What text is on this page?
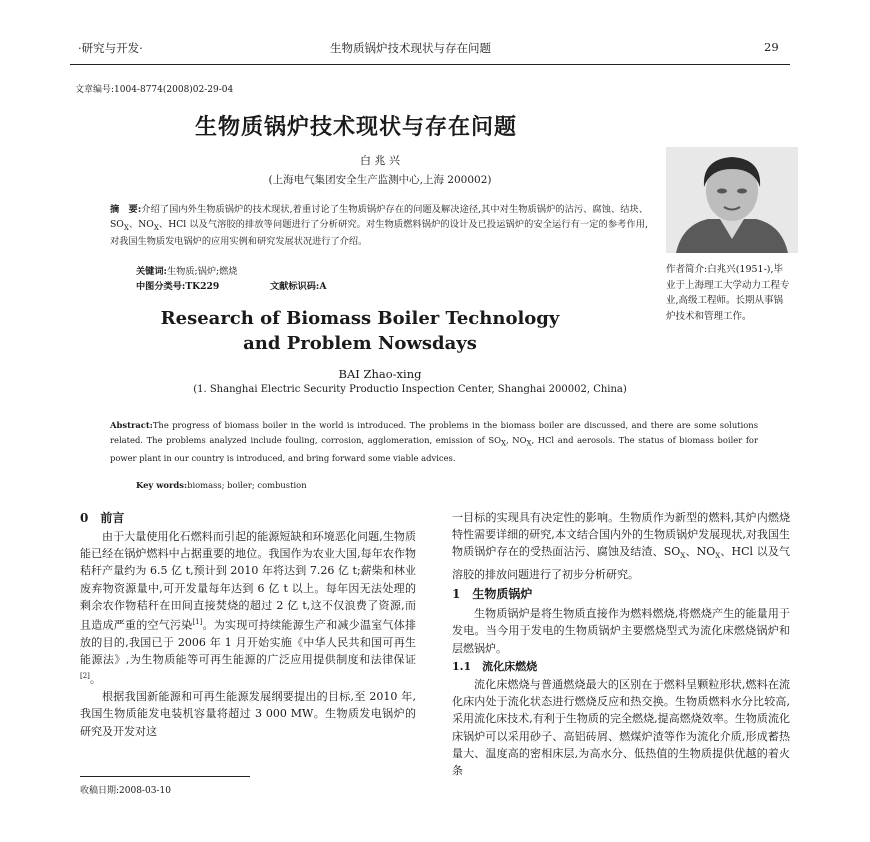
·研究与开发·	生物质锅炉技术现状与存在问题	29
文章编号:1004-8774(2008)02-29-04
生物质锅炉技术现状与存在问题
白 兆 兴
(上海电气集团安全生产监测中心,上海 200002)
摘　要:介绍了国内外生物质锅炉的技术现状,着重讨论了生物质锅炉存在的问题及解决途径,其中对生物质锅炉的沾污、腐蚀、结块、$SO_X$、$NO_X$、HCl 以及气溶胶的排放等问题进行了分析研究。对生物质燃料锅炉的设计及已投运锅炉的安全运行有一定的参考作用,对我国生物质发电锅炉的应用实例和研究发展状况进行了介绍。
关键词:生物质;锅炉;燃烧
中图分类号:TK229	文献标识码:A
作者简介:白兆兴(1951-),毕业于上海理工大学动力工程专业,高级工程师。长期从事锅炉技术和管理工作。
Research of Biomass Boiler Technology
and Problem Nowsdays
BAI Zhao-xing
(1. Shanghai Electric Security Productio Inspection Center, Shanghai 200002, China)
Abstract:The progress of biomass boiler in the world is introduced. The problems in the biomass boiler are discussed, and there are some solutions related. The problems analyzed include fouling, corrosion, agglomeration, emission of $SO_X$, $NO_X$, HCl and aerosols. The status of biomass boiler for power plant in our country is introduced, and bring forward some viable advices.
Key words:biomass; boiler; combustion
0　前言

由于大量使用化石燃料而引起的能源短缺和环境恶化问题,生物质能已经在锅炉燃料中占据重要的地位。我国作为农业大国,每年农作物秸秆产量约为 6.5 亿 t,预计到 2010 年将达到 7.26 亿 t;薪柴和林业废弃物资源量中,可开发量每年达到 6 亿 t 以上。每年因无法处理的剩余农作物秸秆在田间直接焚烧的超过 2 亿 t,这不仅浪费了资源,而且造成严重的空气污染[1]。为实现可持续能源生产和减少温室气体排放的目的,我国已于 2006 年 1 月开始实施《中华人民共和国可再生能源法》,为生物质能等可再生能源的广泛应用提供制度和法律保证[2]。

根据我国新能源和可再生能源发展纲要提出的目标,至 2010 年,我国生物质能发电装机容量将超过 3 000 MW。生物质发电锅炉的研究及开发对这

收稿日期:2008-03-10

一目标的实现具有决定性的影响。生物质作为新型的燃料,其炉内燃烧特性需要详细的研究,本文结合国内外的生物质锅炉发展现状,对我国生物质锅炉存在的受热面沾污、腐蚀及结渣、$SO_X$、$NO_X$、HCl 以及气溶胶的排放问题进行了初步分析研究。

1　生物质锅炉

生物质锅炉是将生物质直接作为燃料燃烧,将燃烧产生的能量用于发电。当今用于发电的生物质锅炉主要燃烧型式为流化床燃烧锅炉和层燃锅炉。

1.1　流化床燃烧

流化床燃烧与普通燃烧最大的区别在于燃料呈颗粒形状,燃料在流化床内处于流化状态进行燃烧反应和热交换。生物质燃料水分比较高,采用流化床技术,有利于生物质的完全燃烧,提高燃烧效率。生物质流化床锅炉可以采用砂子、高铝砖屑、燃煤炉渣等作为流化介质,形成蓄热量大、温度高的密相床层,为高水分、低热值的生物质提供优越的着火条
